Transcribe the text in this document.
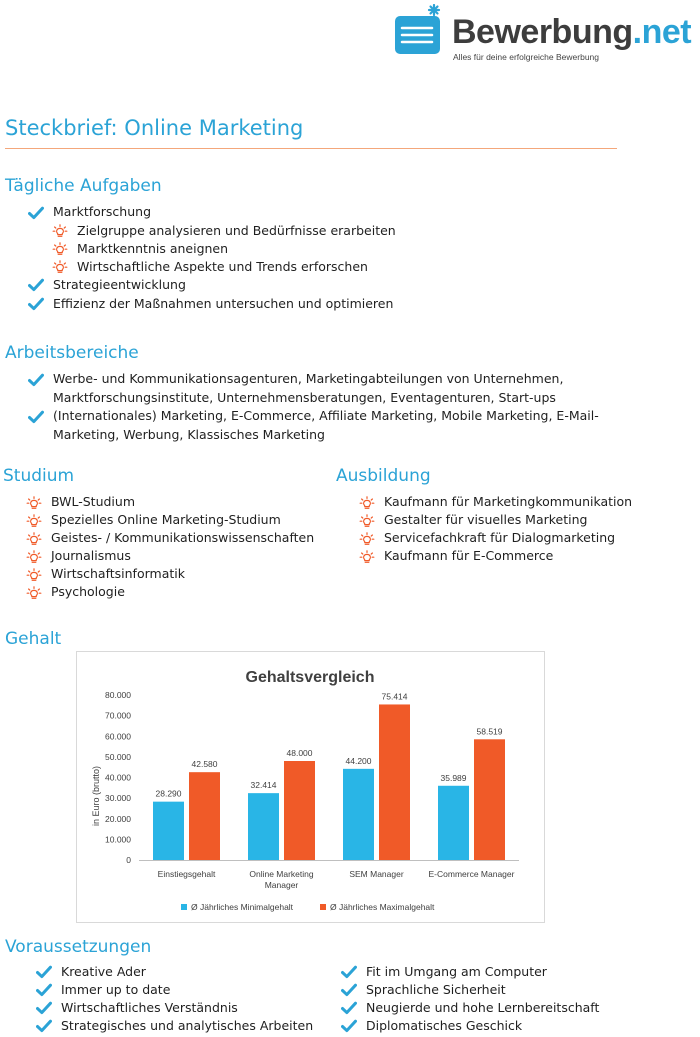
Bewerbung.net
Alles für deine erfolgreiche Bewerbung
Steckbrief: Online Marketing
Tägliche Aufgaben
Marktforschung
Zielgruppe analysieren und Bedürfnisse erarbeiten
Marktkenntnis aneignen
Wirtschaftliche Aspekte und Trends erforschen
Strategieentwicklung
Effizienz der Maßnahmen untersuchen und optimieren
Arbeitsbereiche
Werbe- und Kommunikationsagenturen, Marketingabteilungen von Unternehmen,
Marktforschungsinstitute, Unternehmensberatungen, Eventagenturen, Start-ups
(Internationales) Marketing, E-Commerce, Affiliate Marketing, Mobile Marketing, E-Mail-
Marketing, Werbung, Klassisches Marketing
Studium
BWL-Studium
Spezielles Online Marketing-Studium
Geistes- / Kommunikationswissenschaften
Journalismus
Wirtschaftsinformatik
Psychologie
Ausbildung
Kaufmann für Marketingkommunikation
Gestalter für visuelles Marketing
Servicefachkraft für Dialogmarketing
Kaufmann für E-Commerce
Gehalt
Gehaltsvergleich
in Euro (brutto)
0
10.000
20.000
30.000
40.000
50.000
60.000
70.000
80.000
28.290
42.580
32.414
48.000
44.200
75.414
35.989
58.519
Einstiegsgehalt	Online Marketing
Manager
SEM Manager	E-Commerce Manager
Ø Jährliches Minimalgehalt	Ø Jährliches Maximalgehalt
Voraussetzungen
Kreative Ader
Immer up to date
Wirtschaftliches Verständnis
Strategisches und analytisches Arbeiten
Fit im Umgang am Computer
Sprachliche Sicherheit
Neugierde und hohe Lernbereitschaft
Diplomatisches Geschick
